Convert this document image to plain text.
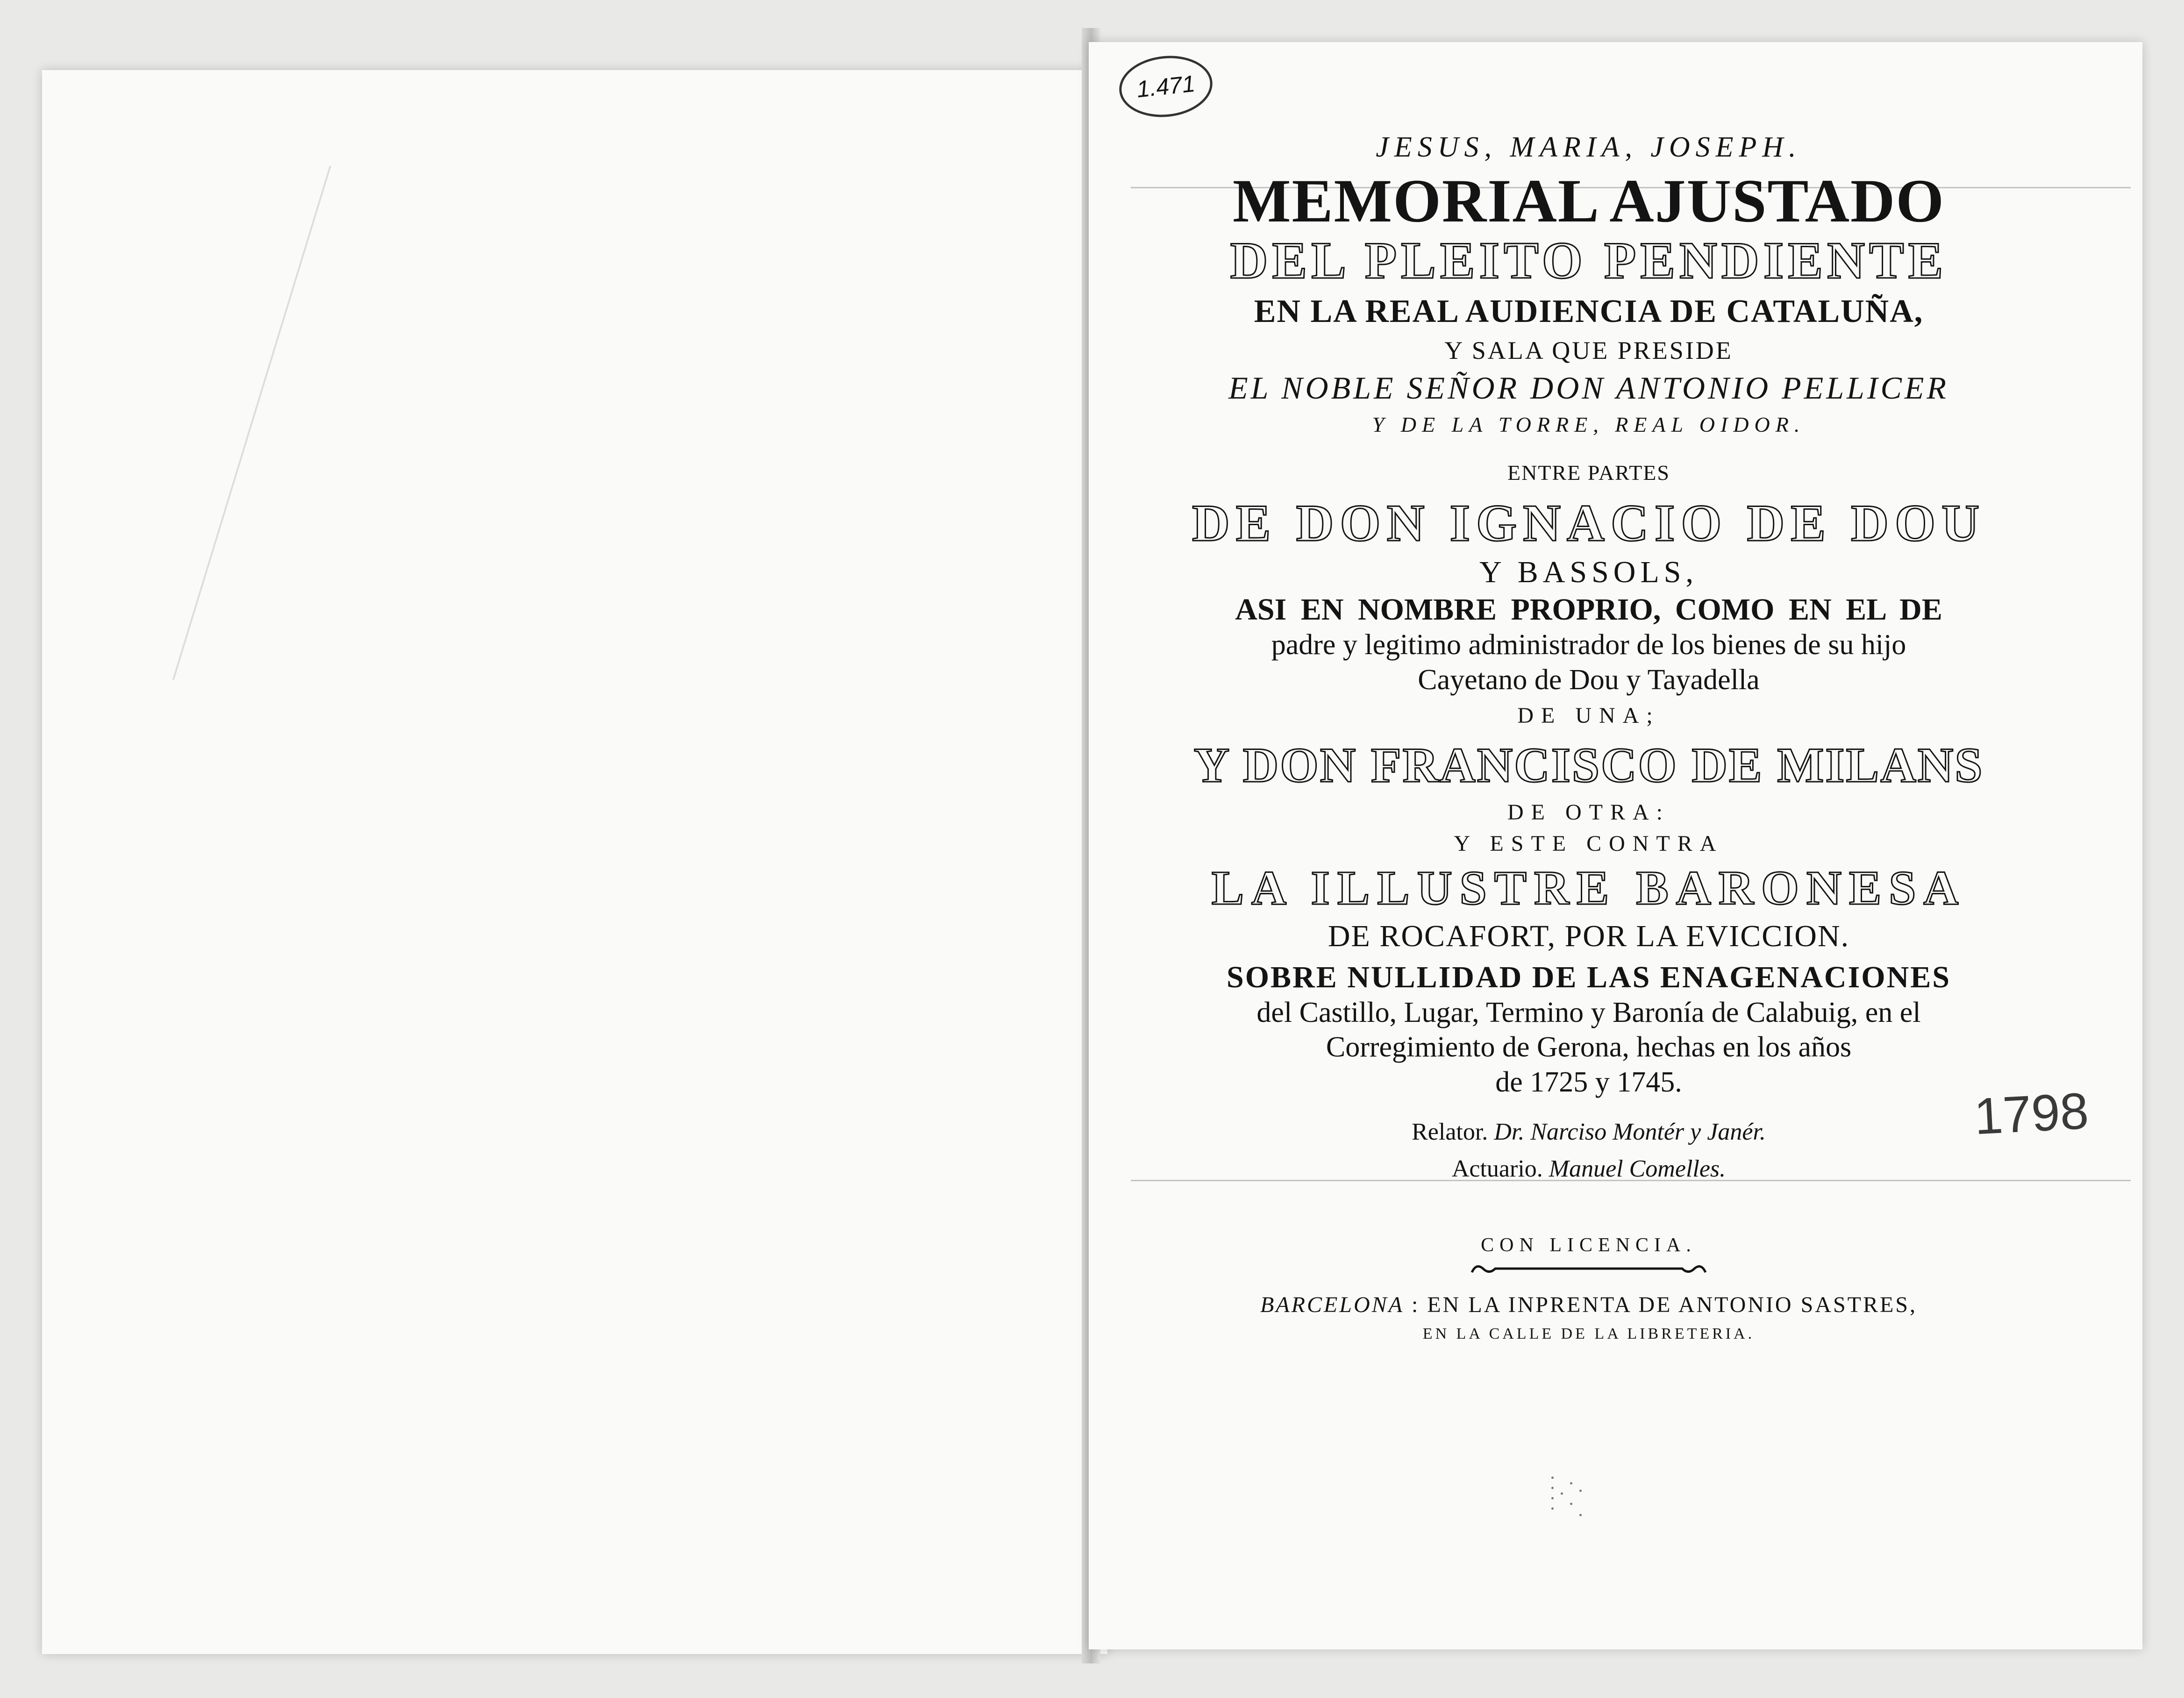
1.471
1798
JESUS, MARIA, JOSEPH.
MEMORIAL AJUSTADO
DEL PLEITO PENDIENTE
EN LA REAL AUDIENCIA DE CATALUÑA,
Y SALA QUE PRESIDE
EL NOBLE SEÑOR DON ANTONIO PELLICER
Y DE LA TORRE, REAL OIDOR.
ENTRE PARTES
DE DON IGNACIO DE DOU
Y BASSOLS,
ASI EN NOMBRE PROPRIO, COMO EN EL DE
padre y legitimo administrador de los bienes de su hijo
Cayetano de Dou y Tayadella
DE UNA;
Y DON FRANCISCO DE MILANS
DE OTRA:
Y ESTE CONTRA
LA ILLUSTRE BARONESA
DE ROCAFORT, POR LA EVICCION.
SOBRE NULLIDAD DE LAS ENAGENACIONES
del Castillo, Lugar, Termino y Baronía de Calabuig, en el
Corregimiento de Gerona, hechas en los años
de 1725 y 1745.
Relator. Dr. Narciso Montér y Janér.
Actuario. Manuel Comelles.
CON LICENCIA.
BARCELONA : EN LA INPRENTA DE ANTONIO SASTRES,
EN LA CALLE DE LA LIBRETERIA.
